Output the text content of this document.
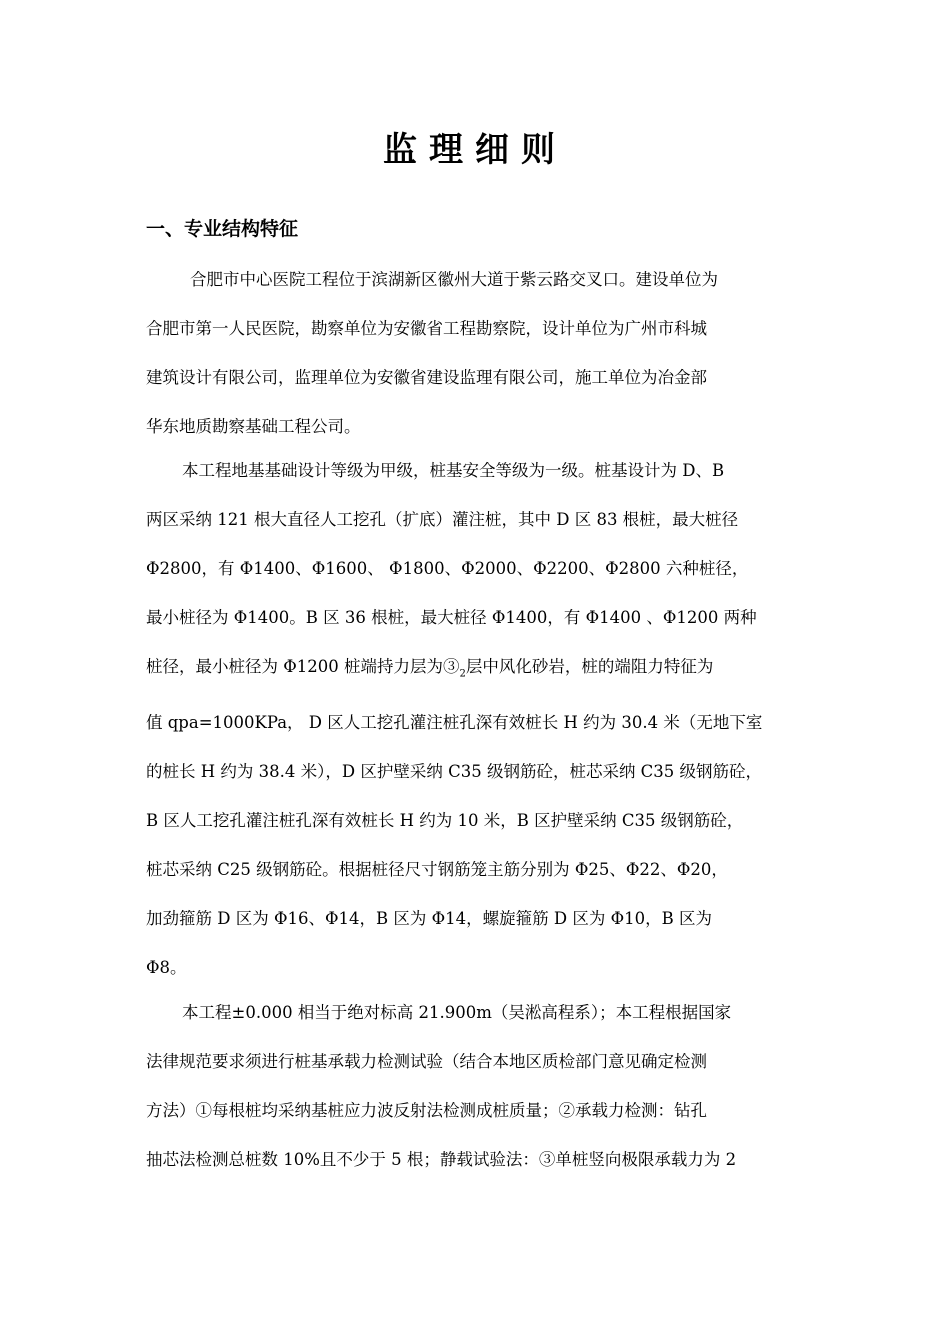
监理细则
一、专业结构特征
合肥市中心医院工程位于滨湖新区徽州大道于紫云路交叉口。建设单位为
合肥市第一人民医院，勘察单位为安徽省工程勘察院，设计单位为广州市科城
建筑设计有限公司，监理单位为安徽省建设监理有限公司，施工单位为冶金部
华东地质勘察基础工程公司。
本工程地基基础设计等级为甲级，桩基安全等级为一级。桩基设计为 D、B
两区采纳 121 根大直径人工挖孔（扩底）灌注桩，其中 D 区 83 根桩，最大桩径
Φ2800，有 Φ1400、Φ1600、 Φ1800、Φ2000、Φ2200、Φ2800 六种桩径，
最小桩径为 Φ1400。B 区 36 根桩，最大桩径 Φ1400，有 Φ1400 、Φ1200 两种
桩径，最小桩径为 Φ1200 桩端持力层为$③_2$层中风化砂岩，桩的端阻力特征为
值 qpa=1000KPa， D 区人工挖孔灌注桩孔深有效桩长 H 约为 30.4 米（无地下室
的桩长 H 约为 38.4 米），D 区护壁采纳 C35 级钢筋砼，桩芯采纳 C35 级钢筋砼，
B 区人工挖孔灌注桩孔深有效桩长 H 约为 10 米，B 区护壁采纳 C35 级钢筋砼，
桩芯采纳 C25 级钢筋砼。根据桩径尺寸钢筋笼主筋分别为 Φ25、Φ22、Φ20，
加劲箍筋 D 区为 Φ16、Φ14，B 区为 Φ14，螺旋箍筋 D 区为 Φ10，B 区为
Φ8。
本工程±0.000 相当于绝对标高 21.900m（吴淞高程系）；本工程根据国家
法律规范要求须进行桩基承载力检测试验（结合本地区质检部门意见确定检测
方法）①每根桩均采纳基桩应力波反射法检测成桩质量；②承载力检测：钻孔
抽芯法检测总桩数 10%且不少于 5 根；静载试验法：③单桩竖向极限承载力为 2
